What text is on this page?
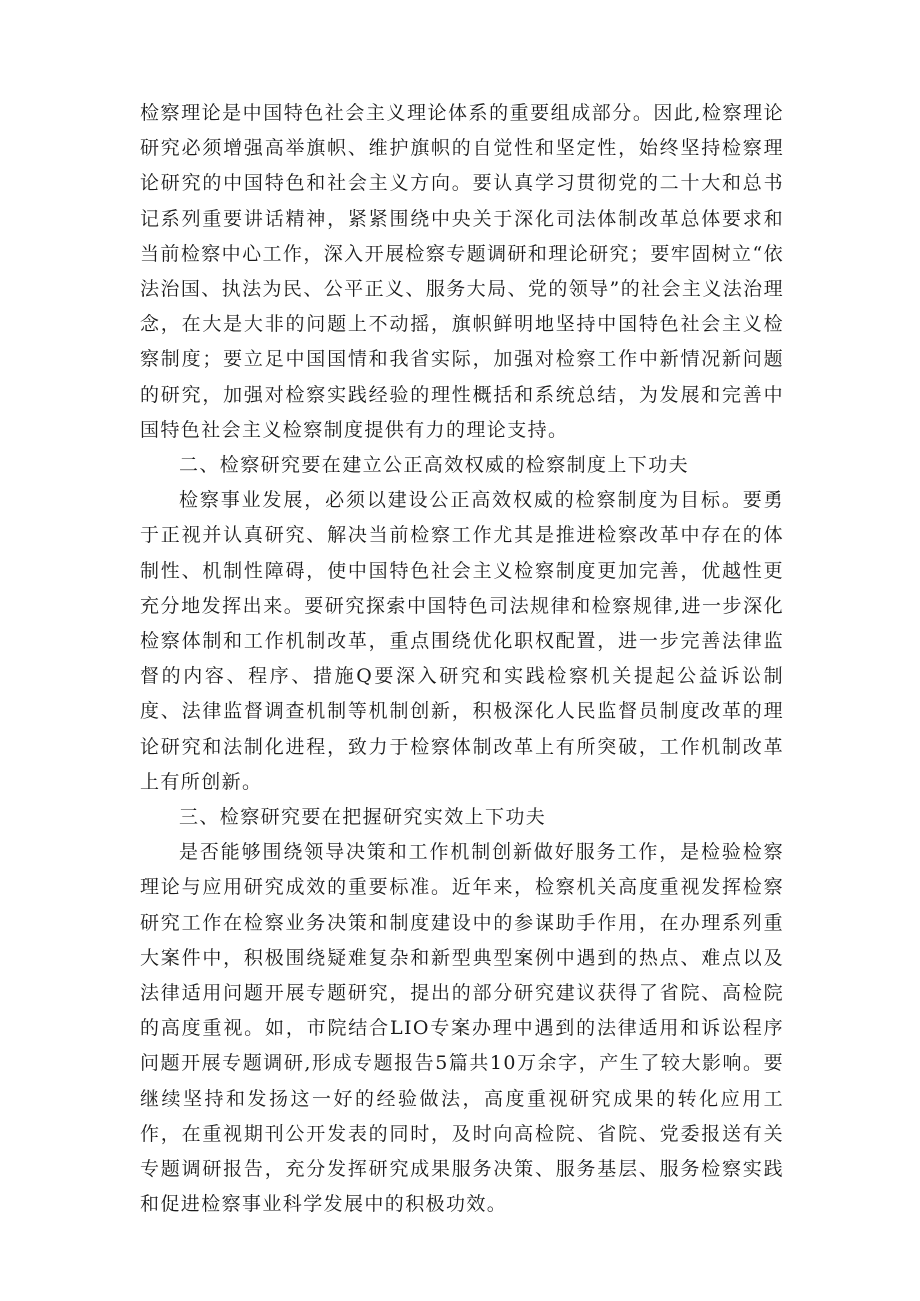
检察理论是中国特色社会主义理论体系的重要组成部分。因此,检察理论研究必须增强高举旗帜、维护旗帜的自觉性和坚定性，始终坚持检察理论研究的中国特色和社会主义方向。要认真学习贯彻党的二十大和总书记系列重要讲话精神，紧紧围绕中央关于深化司法体制改革总体要求和当前检察中心工作，深入开展检察专题调研和理论研究；要牢固树立“依法治国、执法为民、公平正义、服务大局、党的领导”的社会主义法治理念，在大是大非的问题上不动摇，旗帜鲜明地坚持中国特色社会主义检察制度；要立足中国国情和我省实际，加强对检察工作中新情况新问题的研究，加强对检察实践经验的理性概括和系统总结，为发展和完善中国特色社会主义检察制度提供有力的理论支持。

二、检察研究要在建立公正高效权威的检察制度上下功夫

检察事业发展，必须以建设公正高效权威的检察制度为目标。要勇于正视并认真研究、解决当前检察工作尤其是推进检察改革中存在的体制性、机制性障碍，使中国特色社会主义检察制度更加完善，优越性更充分地发挥出来。要研究探索中国特色司法规律和检察规律,进一步深化检察体制和工作机制改革，重点围绕优化职权配置，进一步完善法律监督的内容、程序、措施Q要深入研究和实践检察机关提起公益诉讼制度、法律监督调查机制等机制创新，积极深化人民监督员制度改革的理论研究和法制化进程，致力于检察体制改革上有所突破，工作机制改革上有所创新。

三、检察研究要在把握研究实效上下功夫

是否能够围绕领导决策和工作机制创新做好服务工作，是检验检察理论与应用研究成效的重要标准。近年来，检察机关高度重视发挥检察研究工作在检察业务决策和制度建设中的参谋助手作用，在办理系列重大案件中，积极围绕疑难复杂和新型典型案例中遇到的热点、难点以及法律适用问题开展专题研究，提出的部分研究建议获得了省院、高检院的高度重视。如，市院结合LIO专案办理中遇到的法律适用和诉讼程序问题开展专题调研,形成专题报告5篇共10万余字，产生了较大影响。要继续坚持和发扬这一好的经验做法，高度重视研究成果的转化应用工作，在重视期刊公开发表的同时，及时向高检院、省院、党委报送有关专题调研报告，充分发挥研究成果服务决策、服务基层、服务检察实践和促进检察事业科学发展中的积极功效。
